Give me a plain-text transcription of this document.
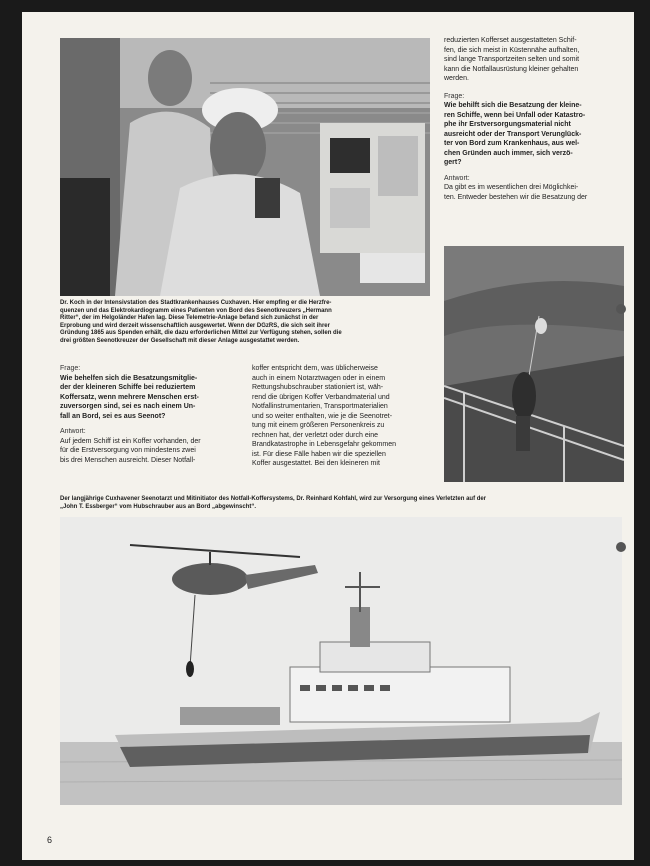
reduzierten Kofferset ausgestatteten Schif-
fen, die sich meist in Küstennähe aufhalten,
sind lange Transportzeiten selten und somit
kann die Notfallausrüstung kleiner gehalten
werden.

Frage:
Wie behilft sich die Besatzung der kleine-
ren Schiffe, wenn bei Unfall oder Katastro-
phe ihr Erstversorgungsmaterial nicht
ausreicht oder der Transport Verunglück-
ter von Bord zum Krankenhaus, aus wel-
chen Gründen auch immer, sich verzö-
gert?

Antwort:
Da gibt es im wesentlichen drei Möglichkei-
ten. Entweder bestehen wir die Besatzung der

Dr. Koch in der Intensivstation des Stadtkrankenhauses Cuxhaven. Hier empfing er die Herzfre-
quenzen und das Elektrokardiogramm eines Patienten von Bord des Seenotkreuzers „Hermann
Ritter“, der im Helgoländer Hafen lag. Diese Telemetrie-Anlage befand sich zunächst in der
Erprobung und wird derzeit wissenschaftlich ausgewertet. Wenn der DGzRS, die sich seit ihrer
Gründung 1865 aus Spenden erhält, die dazu erforderlichen Mittel zur Verfügung stehen, sollen die
drei größten Seenotkreuzer der Gesellschaft mit dieser Anlage ausgestattet werden.

Frage:
Wie behelfen sich die Besatzungsmitglie-
der der kleineren Schiffe bei reduziertem
Koffersatz, wenn mehrere Menschen erst-
zuversorgen sind, sei es nach einem Un-
fall an Bord, sei es aus Seenot?

Antwort:
Auf jedem Schiff ist ein Koffer vorhanden, der
für die Erstversorgung von mindestens zwei
bis drei Menschen ausreicht. Dieser Notfall-

koffer entspricht dem, was üblicherweise
auch in einem Notarztwagen oder in einem
Rettungshubschrauber stationiert ist, wäh-
rend die übrigen Koffer Verbandmaterial und
Notfallinstrumentarien, Transportmaterialien
und so weiter enthalten, wie je die Seenotret-
tung mit einem größeren Personenkreis zu
rechnen hat, der verletzt oder durch eine
Brandkatastrophe in Lebensgefahr gekommen
ist. Für diese Fälle haben wir die speziellen
Koffer ausgestattet. Bei den kleineren mit

Der langjährige Cuxhavener Seenotarzt und Mitinitiator des Notfall-Koffersystems, Dr. Reinhard Kohfahl, wird zur Versorgung eines Verletzten auf der
„John T. Essberger“ vom Hubschrauber aus an Bord „abgewinscht“.
6
